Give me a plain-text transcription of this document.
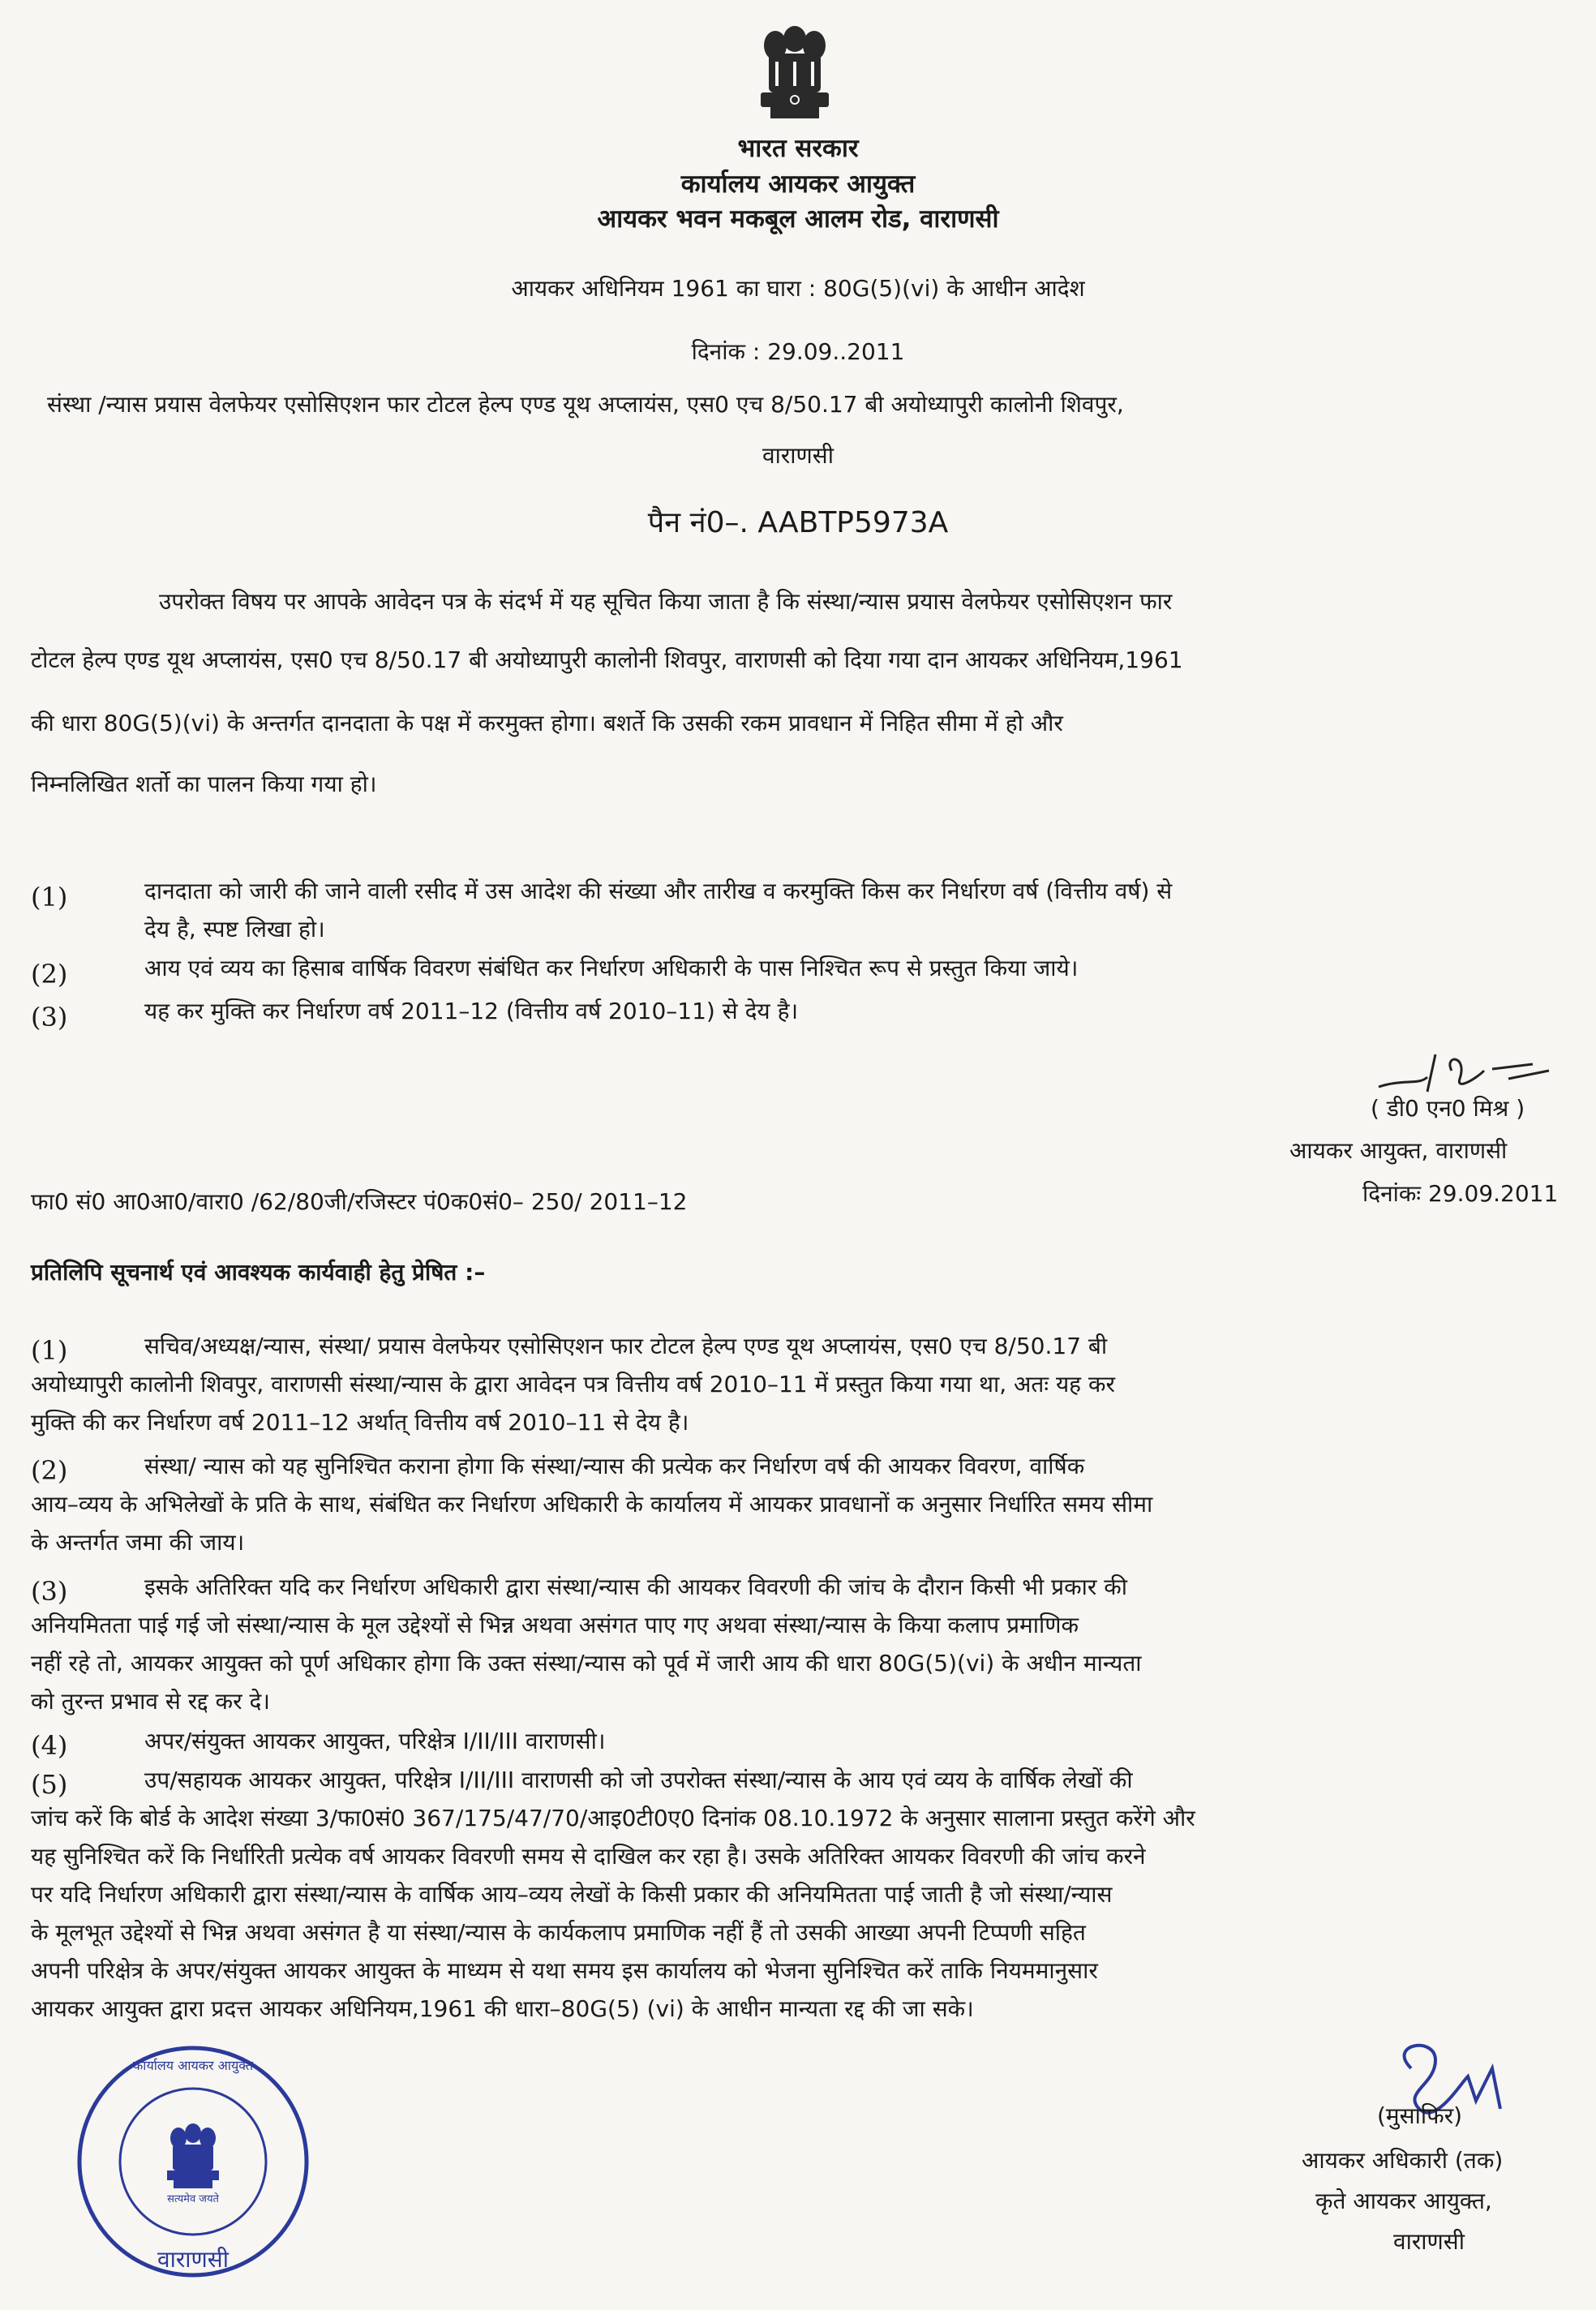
भारत सरकार
कार्यालय आयकर आयुक्त
आयकर भवन मकबूल आलम रोड, वाराणसी
आयकर अधिनियम 1961 का घारा : 80G(5)(vi) के आधीन आदेश
दिनांक : 29.09..2011
संस्था /न्यास प्रयास वेलफेयर एसोसिएशन फार टोटल हेल्प एण्ड यूथ अप्लायंस, एस0 एच 8/50.17 बी अयोध्यापुरी कालोनी शिवपुर,
वाराणसी
पैन नं0–. AABTP5973A
उपरोक्त विषय पर आपके आवेदन पत्र के संदर्भ में यह सूचित किया जाता है कि संस्था/न्यास प्रयास वेलफेयर एसोसिएशन फार
टोटल हेल्प एण्ड यूथ अप्लायंस, एस0 एच 8/50.17 बी अयोध्यापुरी कालोनी शिवपुर, वाराणसी को दिया गया दान आयकर अधिनियम,1961
की धारा 80G(5)(vi) के अन्तर्गत दानदाता के पक्ष में करमुक्त होगा। बशर्ते कि उसकी रकम प्रावधान में निहित सीमा में हो और
निम्नलिखित शर्तो का पालन किया गया हो।
(1)	दानदाता को जारी की जाने वाली रसीद में उस आदेश की संख्या और तारीख व करमुक्ति किस कर निर्धारण वर्ष (वित्तीय वर्ष) से
देय है, स्पष्ट लिखा हो।
(2)	आय एवं व्यय का हिसाब वार्षिक विवरण संबंधित कर निर्धारण अधिकारी के पास निश्चित रूप से प्रस्तुत किया जाये।
(3)	यह कर मुक्ति कर निर्धारण वर्ष 2011–12 (वित्तीय वर्ष 2010–11) से देय है।
( डी0 एन0 मिश्र )
आयकर आयुक्त, वाराणसी
दिनांकः 29.09.2011
फा0 सं0 आ0आ0/वारा0 /62/80जी/रजिस्टर पं0क0सं0– 250/ 2011–12
प्रतिलिपि सूचनार्थ एवं आवश्यक कार्यवाही हेतु प्रेषित :–
(1)	सचिव/अध्यक्ष/न्यास, संस्था/ प्रयास वेलफेयर एसोसिएशन फार टोटल हेल्प एण्ड यूथ अप्लायंस, एस0 एच 8/50.17 बी
अयोध्यापुरी कालोनी शिवपुर, वाराणसी संस्था/न्यास के द्वारा आवेदन पत्र वित्तीय वर्ष 2010–11 में प्रस्तुत किया गया था, अतः यह कर
मुक्ति की कर निर्धारण वर्ष 2011–12 अर्थात् वित्तीय वर्ष 2010–11 से देय है।
(2)	संस्था/ न्यास को यह सुनिश्चित कराना होगा कि संस्था/न्यास की प्रत्येक कर निर्धारण वर्ष की आयकर विवरण, वार्षिक
आय–व्यय के अभिलेखों के प्रति के साथ, संबंधित कर निर्धारण अधिकारी के कार्यालय में आयकर प्रावधानों क अनुसार निर्धारित समय सीमा
के अन्तर्गत जमा की जाय।
(3)	इसके अतिरिक्त यदि कर निर्धारण अधिकारी द्वारा संस्था/न्यास की आयकर विवरणी की जांच के दौरान किसी भी प्रकार की
अनियमितता पाई गई जो संस्था/न्यास के मूल उद्देश्यों से भिन्न अथवा असंगत पाए गए अथवा संस्था/न्यास के किया कलाप प्रमाणिक
नहीं रहे तो, आयकर आयुक्त को पूर्ण अधिकार होगा कि उक्त संस्था/न्यास को पूर्व में जारी आय की धारा 80G(5)(vi) के अधीन मान्यता
को तुरन्त प्रभाव से रद्द कर दे।
(4)	अपर/संयुक्त आयकर आयुक्त, परिक्षेत्र I/II/III वाराणसी।
(5)	उप/सहायक आयकर आयुक्त, परिक्षेत्र I/II/III वाराणसी को जो उपरोक्त संस्था/न्यास के आय एवं व्यय के वार्षिक लेखों की
जांच करें कि बोर्ड के आदेश संख्या 3/फा0सं0 367/175/47/70/आइ0टी0ए0 दिनांक 08.10.1972 के अनुसार सालाना प्रस्तुत करेंगे और
यह सुनिश्चित करें कि निर्धारिती प्रत्येक वर्ष आयकर विवरणी समय से दाखिल कर रहा है। उसके अतिरिक्त आयकर विवरणी की जांच करने
पर यदि निर्धारण अधिकारी द्वारा संस्था/न्यास के वार्षिक आय–व्यय लेखों के किसी प्रकार की अनियमितता पाई जाती है जो संस्था/न्यास
के मूलभूत उद्देश्यों से भिन्न अथवा असंगत है या संस्था/न्यास के कार्यकलाप प्रमाणिक नहीं हैं तो उसकी आख्या अपनी टिप्पणी सहित
अपनी परिक्षेत्र के अपर/संयुक्त आयकर आयुक्त के माध्यम से यथा समय इस कार्यालय को भेजना सुनिश्चित करें ताकि नियममानुसार
आयकर आयुक्त द्वारा प्रदत्त आयकर अधिनियम,1961 की धारा–80G(5) (vi) के आधीन मान्यता रद्द की जा सके।
कार्यालय आयकर आयुक्त
सत्यमेव जयते
वाराणसी
(मुसाफिर)
आयकर अधिकारी (तक)
कृते आयकर आयुक्त,
वाराणसी
